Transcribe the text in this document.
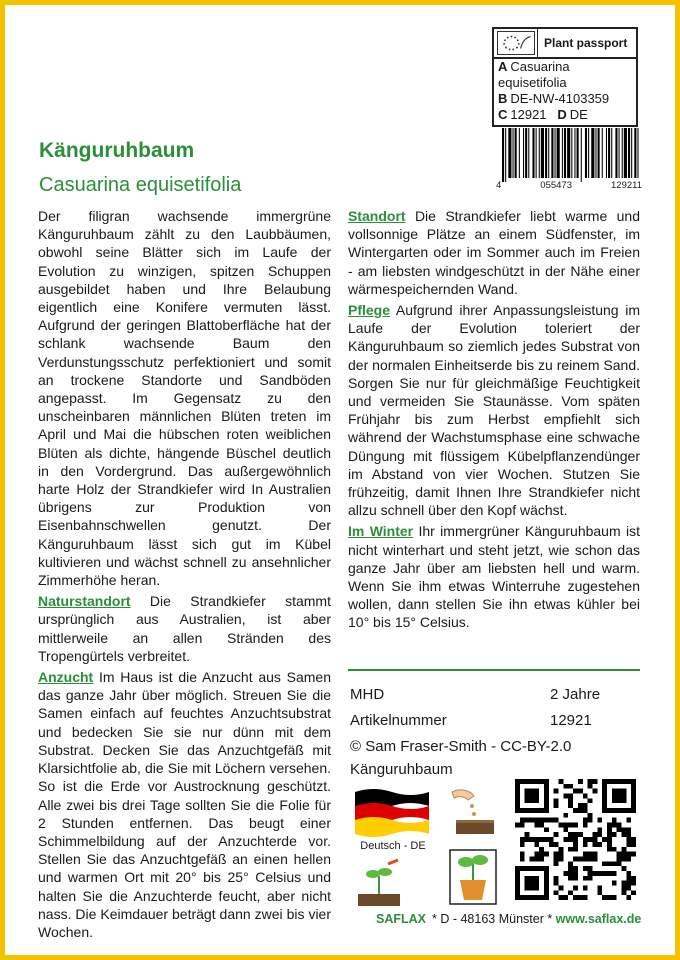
Plant passport
A Casuarina
equisetifolia
B DE-NW-4103359
C 12921 D DE
4	055473	129211
Känguruhbaum
Casuarina equisetifolia

Der filigran wachsende immergrüne Känguruhbaum zählt zu den Laubbäumen, obwohl seine Blätter sich im Laufe der Evolution zu winzigen, spitzen Schuppen ausgebildet haben und Ihre Belaubung eigentlich eine Konifere vermuten lässt. Aufgrund der geringen Blattoberfläche hat der schlank wachsende Baum den Verdunstungsschutz perfektioniert und somit an trockene Standorte und Sandböden angepasst. Im Gegensatz zu den unscheinbaren männlichen Blüten treten im April und Mai die hübschen roten weiblichen Blüten als dichte, hängende Büschel deutlich in den Vordergrund. Das außergewöhnlich harte Holz der Strandkiefer wird In Australien übrigens zur Produktion von Eisenbahnschwellen genutzt. Der Känguruhbaum lässt sich gut im Kübel kultivieren und wächst schnell zu ansehnlicher Zimmerhöhe heran.

Naturstandort Die Strandkiefer stammt ursprünglich aus Australien, ist aber mittlerweile an allen Stränden des Tropengürtels verbreitet.

Anzucht Im Haus ist die Anzucht aus Samen das ganze Jahr über möglich. Streuen Sie die Samen einfach auf feuchtes Anzuchtsubstrat und bedecken Sie sie nur dünn mit dem Substrat. Decken Sie das Anzuchtgefäß mit Klarsichtfolie ab, die Sie mit Löchern versehen. So ist die Erde vor Austrocknung geschützt. Alle zwei bis drei Tage sollten Sie die Folie für 2 Stunden entfernen. Das beugt einer Schimmelbildung auf der Anzuchterde vor. Stellen Sie das Anzuchtgefäß an einen hellen und warmen Ort mit 20° bis 25° Celsius und halten Sie die Anzuchterde feucht, aber nicht nass. Die Keimdauer beträgt dann zwei bis vier Wochen.

Standort Die Strandkiefer liebt warme und vollsonnige Plätze an einem Südfenster, im Wintergarten oder im Sommer auch im Freien - am liebsten windgeschützt in der Nähe einer wärmespeichernden Wand.

Pflege Aufgrund ihrer Anpassungsleistung im Laufe der Evolution toleriert der Känguruhbaum so ziemlich jedes Substrat von der normalen Einheitserde bis zu reinem Sand. Sorgen Sie nur für gleichmäßige Feuchtigkeit und vermeiden Sie Staunässe. Vom späten Frühjahr bis zum Herbst empfiehlt sich während der Wachstumsphase eine schwache Düngung mit flüssigem Kübelpflanzendünger im Abstand von vier Wochen. Stutzen Sie frühzeitig, damit Ihnen Ihre Strandkiefer nicht allzu schnell über den Kopf wächst.

Im Winter Ihr immergrüner Känguruhbaum ist nicht winterhart und steht jetzt, wie schon das ganze Jahr über am liebsten hell und warm. Wenn Sie ihm etwas Winterruhe zugestehen wollen, dann stellen Sie ihn etwas kühler bei 10° bis 15° Celsius.

MHD	2 Jahre
Artikelnummer	12921
© Sam Fraser-Smith - CC-BY-2.0
Känguruhbaum
Deutsch - DE
SAFLAX * D - 48163 Münster * www.saflax.de
